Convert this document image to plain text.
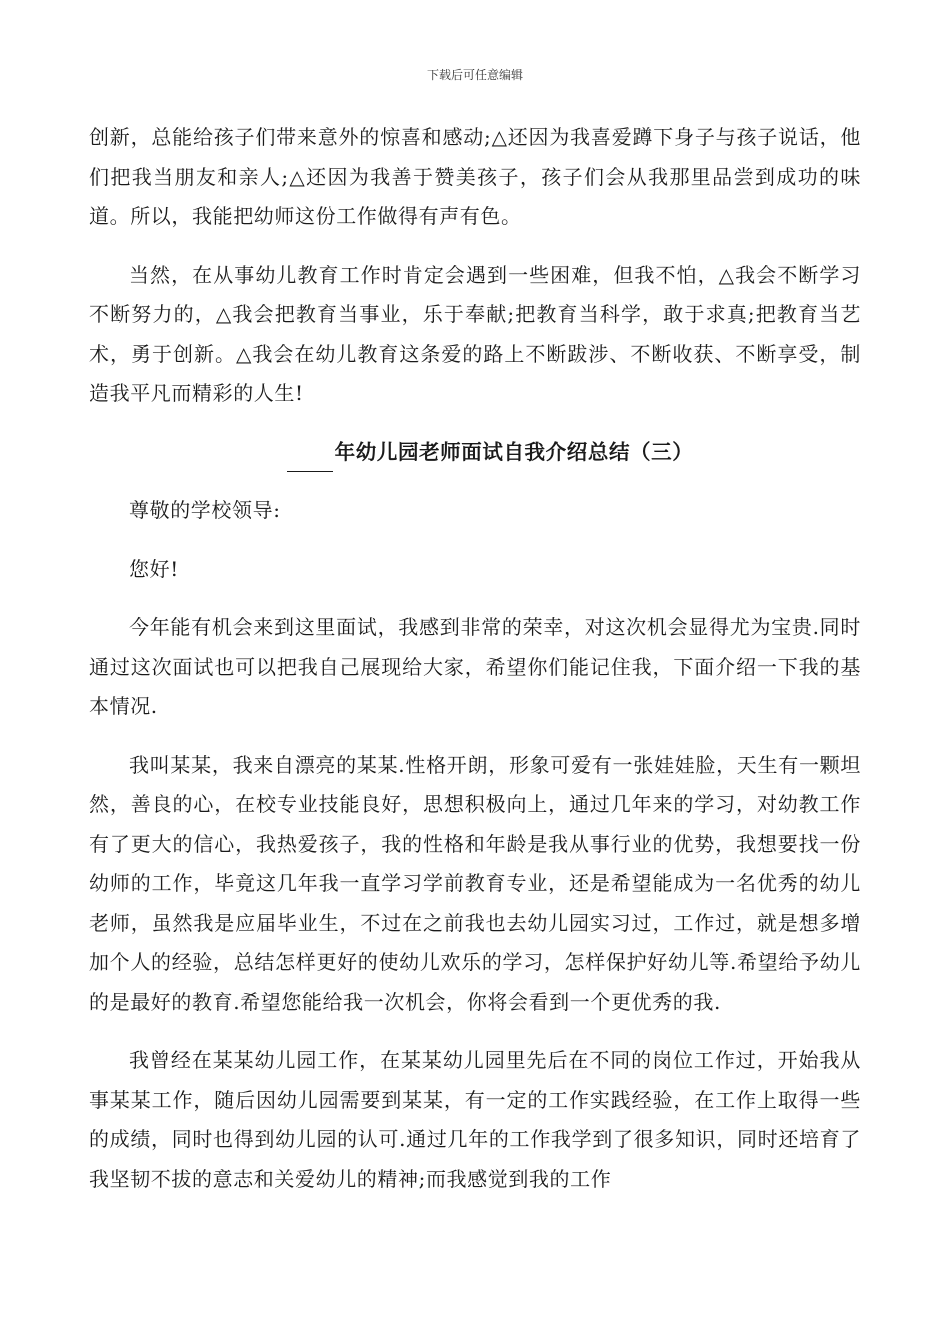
下载后可任意编辑

创新，总能给孩子们带来意外的惊喜和感动;△还因为我喜爱蹲下身子与孩子说话，他们把我当朋友和亲人;△还因为我善于赞美孩子，孩子们会从我那里品尝到成功的味道。所以，我能把幼师这份工作做得有声有色。

当然，在从事幼儿教育工作时肯定会遇到一些困难，但我不怕，△我会不断学习不断努力的，△我会把教育当事业，乐于奉献;把教育当科学，敢于求真;把教育当艺术，勇于创新。△我会在幼儿教育这条爱的路上不断跋涉、不断收获、不断享受，制造我平凡而精彩的人生!

年幼儿园老师面试自我介绍总结（三）

尊敬的学校领导:

您好!

今年能有机会来到这里面试，我感到非常的荣幸，对这次机会显得尤为宝贵.同时通过这次面试也可以把我自己展现给大家，希望你们能记住我，下面介绍一下我的基本情况.

我叫某某，我来自漂亮的某某.性格开朗，形象可爱有一张娃娃脸，天生有一颗坦然，善良的心，在校专业技能良好，思想积极向上，通过几年来的学习，对幼教工作有了更大的信心，我热爱孩子，我的性格和年龄是我从事行业的优势，我想要找一份幼师的工作，毕竟这几年我一直学习学前教育专业，还是希望能成为一名优秀的幼儿老师，虽然我是应届毕业生，不过在之前我也去幼儿园实习过，工作过，就是想多增加个人的经验，总结怎样更好的使幼儿欢乐的学习，怎样保护好幼儿等.希望给予幼儿的是最好的教育.希望您能给我一次机会，你将会看到一个更优秀的我.

我曾经在某某幼儿园工作，在某某幼儿园里先后在不同的岗位工作过，开始我从事某某工作，随后因幼儿园需要到某某，有一定的工作实践经验，在工作上取得一些的成绩，同时也得到幼儿园的认可.通过几年的工作我学到了很多知识，同时还培育了我坚韧不拔的意志和关爱幼儿的精神;而我感觉到我的工作
